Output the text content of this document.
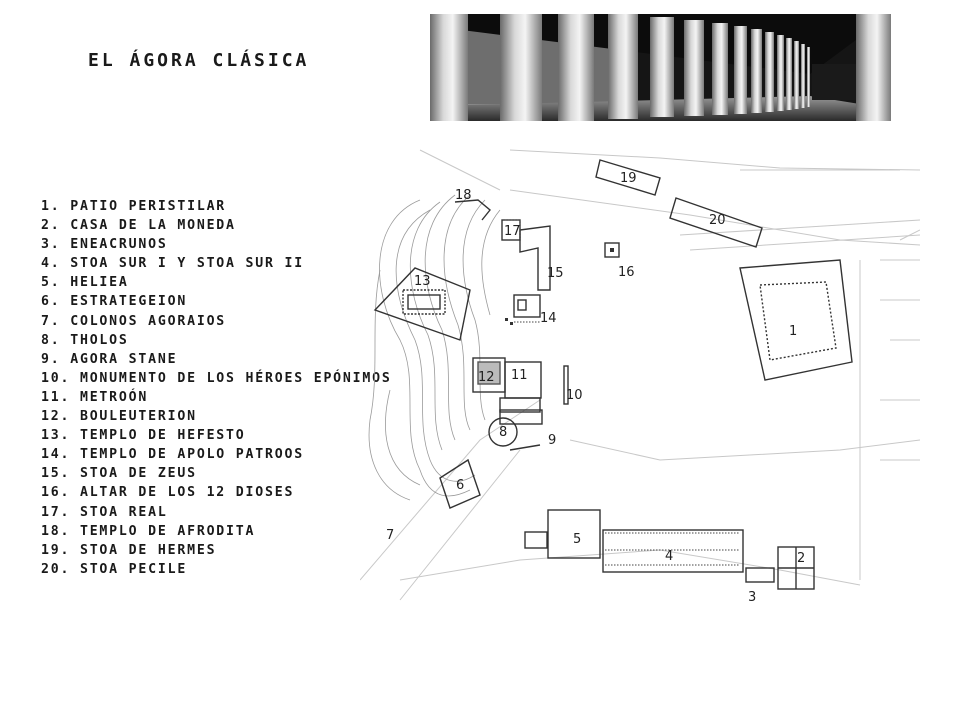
EL ÁGORA CLÁSICA
1. PATIO PERISTILAR
2. CASA DE LA MONEDA
3. ENEACRUNOS
4. STOA SUR I Y STOA SUR II
5. HELIEA
6. ESTRATEGEION
7. COLONOS AGORAIOS
8. THOLOS
9. AGORA STANE
10. MONUMENTO DE LOS HÉROES EPÓNIMOS
11. METROÓN
12. BOULEUTERION
13. TEMPLO DE HEFESTO
14. TEMPLO DE APOLO PATROOS
15. STOA DE ZEUS
16. ALTAR DE LOS 12 DIOSES
17. STOA REAL
18. TEMPLO DE AFRODITA
19. STOA DE HERMES
20. STOA PECILE
1
2
3
4
5
6
7
8
9
10
11
12
13
14
15	16
17
18
19
20
